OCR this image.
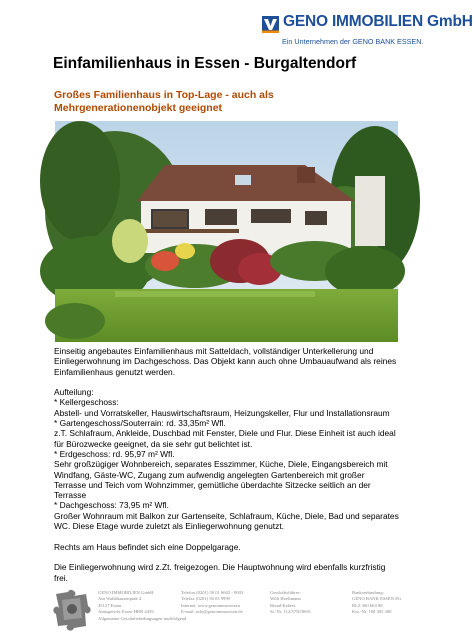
GENO IMMOBILIEN GmbH
Ein Unternehmen der GENO BANK ESSEN.
Einfamilienhaus in Essen - Burgaltendorf
Großes Familienhaus in Top-Lage - auch als
Mehrgenerationenobjekt geeignet

Einseitig angebautes Einfamilienhaus mit Satteldach, vollständiger Unterkellerung und
Einliegerwohnung im Dachgeschoss. Das Objekt kann auch ohne Umbauaufwand als reines
Einfamilienhaus genutzt werden.

Aufteilung:
* Kellergeschoss:
Abstell- und Vorratskeller, Hauswirtschaftsraum, Heizungskeller, Flur und Installationsraum
* Gartengeschoss/Souterrain: rd. 33,35m² Wfl.
z.T. Schlafraum, Ankleide, Duschbad mit Fenster, Diele und Flur. Diese Einheit ist auch ideal
für Bürozwecke geeignet, da sie sehr gut belichtet ist.
* Erdgeschoss: rd. 95,97 m² Wfl.
Sehr großzügiger Wohnbereich, separates Esszimmer, Küche, Diele, Eingangsbereich mit
Windfang, Gäste-WC, Zugang zum aufwendig angelegten Gartenbereich mit großer
Terrasse und Teich vom Wohnzimmer, gemütliche überdachte Sitzecke seitlich an der
Terrasse
* Dachgeschoss: 73,95 m² Wfl.
Großer Wohnraum mit Balkon zur Gartenseite, Schlafraum, Küche, Diele, Bad und separates
WC. Diese Etage wurde zuletzt als Einliegerwohnung genutzt.

Rechts am Haus befindet sich eine Doppelgarage.

Die Einliegerwohnung wird z.Zt. freigezogen. Die Hauptwohnung wird ebenfalls kurzfristig
frei.

GENO IMMOBILIEN GmbH
Am Waldthausenpark 4
45127 Essen
Amtsgericht Essen HRB 4459
Allgemeine Geschäftsbedingungen nachfolgend
Telefon (0201) 50 01 6602 - 0003
Telefax (0201) 56 03 9999
Internet: www.genoimmosessen
E-mail: info@genoimmoessen.de
Geschäftsführer:
Willi Hoeltmann
Bernd Kehres
St.-Nr. 112/5750/0691
Bankverbindung:
GENO BANK ESSEN EG
BLZ 360 604 88
Kto.-Nr. 108 305 300
